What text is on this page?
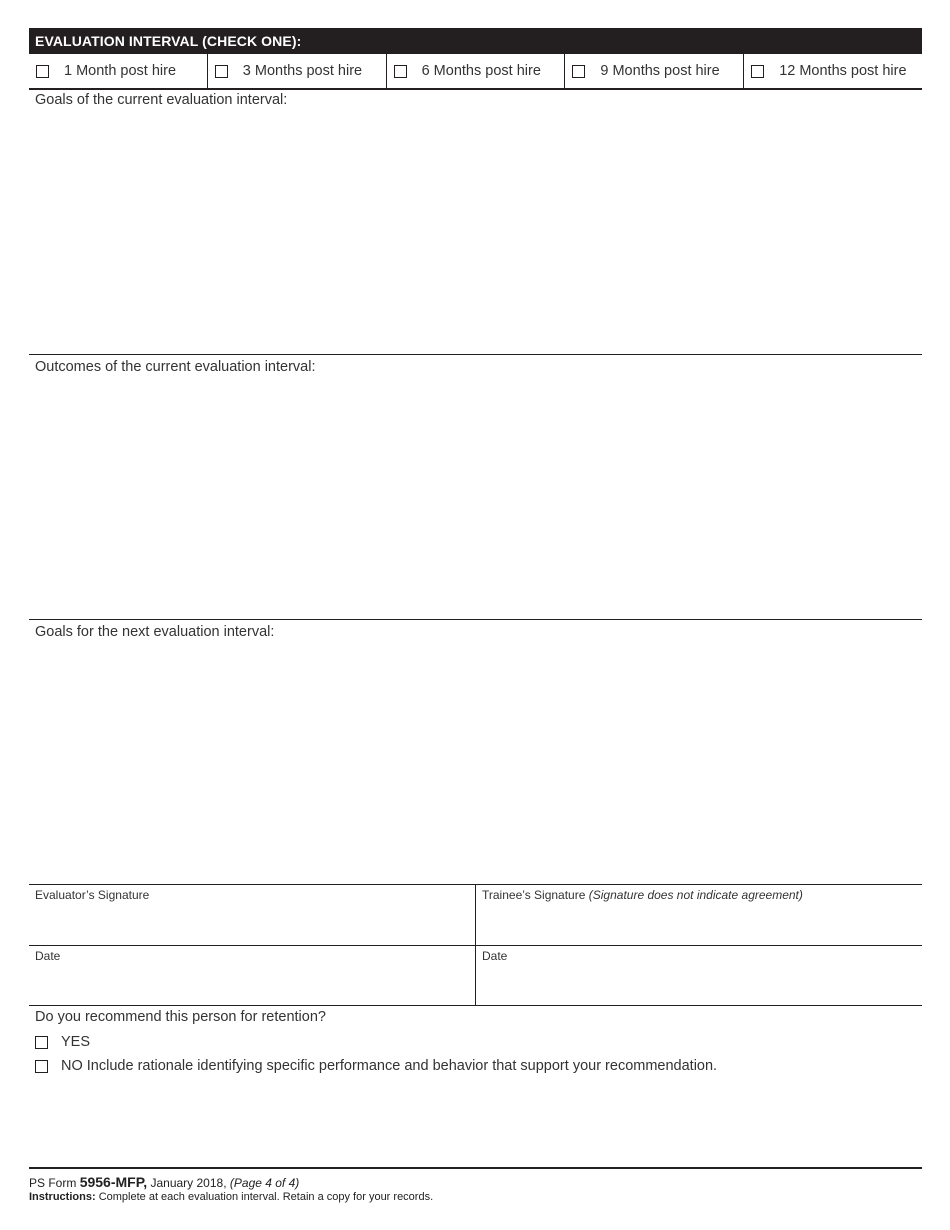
EVALUATION INTERVAL (CHECK ONE):
1 Month post hire	3 Months post hire	6 Months post hire	9 Months post hire	12 Months post hire
Goals of the current evaluation interval:
Outcomes of the current evaluation interval:
Goals for the next evaluation interval:
Evaluator’s Signature	Trainee’s Signature (Signature does not indicate agreement)
Date	Date
Do you recommend this person for retention?
YES
NO Include rationale identifying specific performance and behavior that support your recommendation.
PS Form 5956-MFP, January 2018, (Page 4 of 4)
Instructions: Complete at each evaluation interval. Retain a copy for your records.
